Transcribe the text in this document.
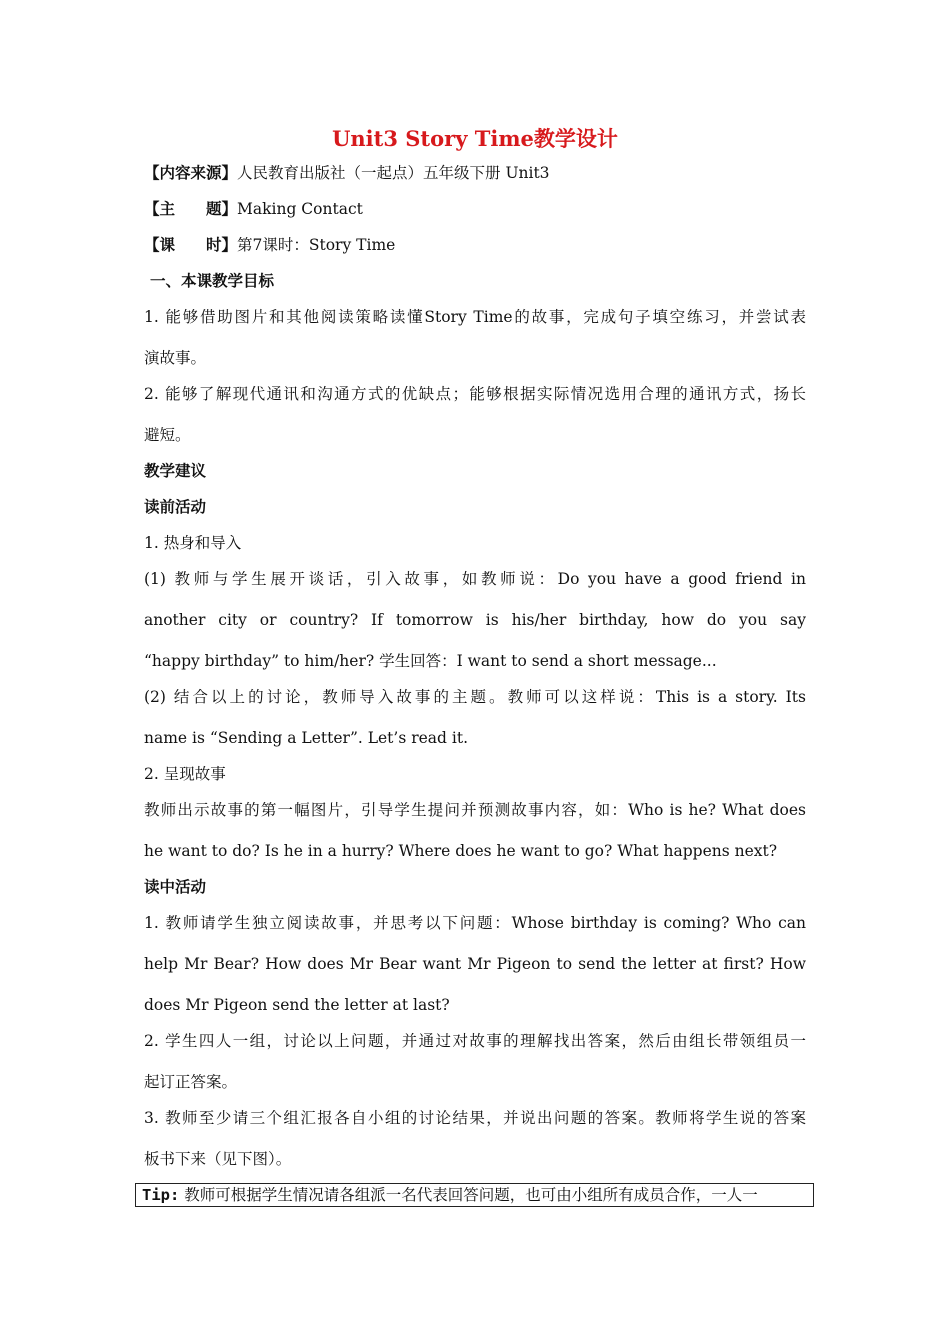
Unit3 Story Time教学设计
【内容来源】人民教育出版社（一起点）五年级下册 Unit3
【主　　题】Making Contact
【课　　时】第7课时：Story Time
一、本课教学目标
1. 能够借助图片和其他阅读策略读懂Story Time的故事，完成句子填空练习，并尝试表
演故事。
2. 能够了解现代通讯和沟通方式的优缺点；能够根据实际情况选用合理的通讯方式，扬长
避短。
教学建议
读前活动
1. 热身和导入
(1) 教师与学生展开谈话，引入故事，如教师说：Do you have a good friend in
another city or country? If tomorrow is his/her birthday, how do you say
“happy birthday” to him/her? 学生回答：I want to send a short message...
(2) 结合以上的讨论，教师导入故事的主题。教师可以这样说：This is a story. Its
name is “Sending a Letter”. Let’s read it.
2. 呈现故事
教师出示故事的第一幅图片，引导学生提问并预测故事内容，如：Who is he? What does
he want to do? Is he in a hurry? Where does he want to go? What happens next?
读中活动
1. 教师请学生独立阅读故事，并思考以下问题：Whose birthday is coming? Who can
help Mr Bear? How does Mr Bear want Mr Pigeon to send the letter at first? How
does Mr Pigeon send the letter at last?
2. 学生四人一组，讨论以上问题，并通过对故事的理解找出答案，然后由组长带领组员一
起订正答案。
3. 教师至少请三个组汇报各自小组的讨论结果，并说出问题的答案。教师将学生说的答案
板书下来（见下图）。
Tip: 教师可根据学生情况请各组派一名代表回答问题，也可由小组所有成员合作，一人一
